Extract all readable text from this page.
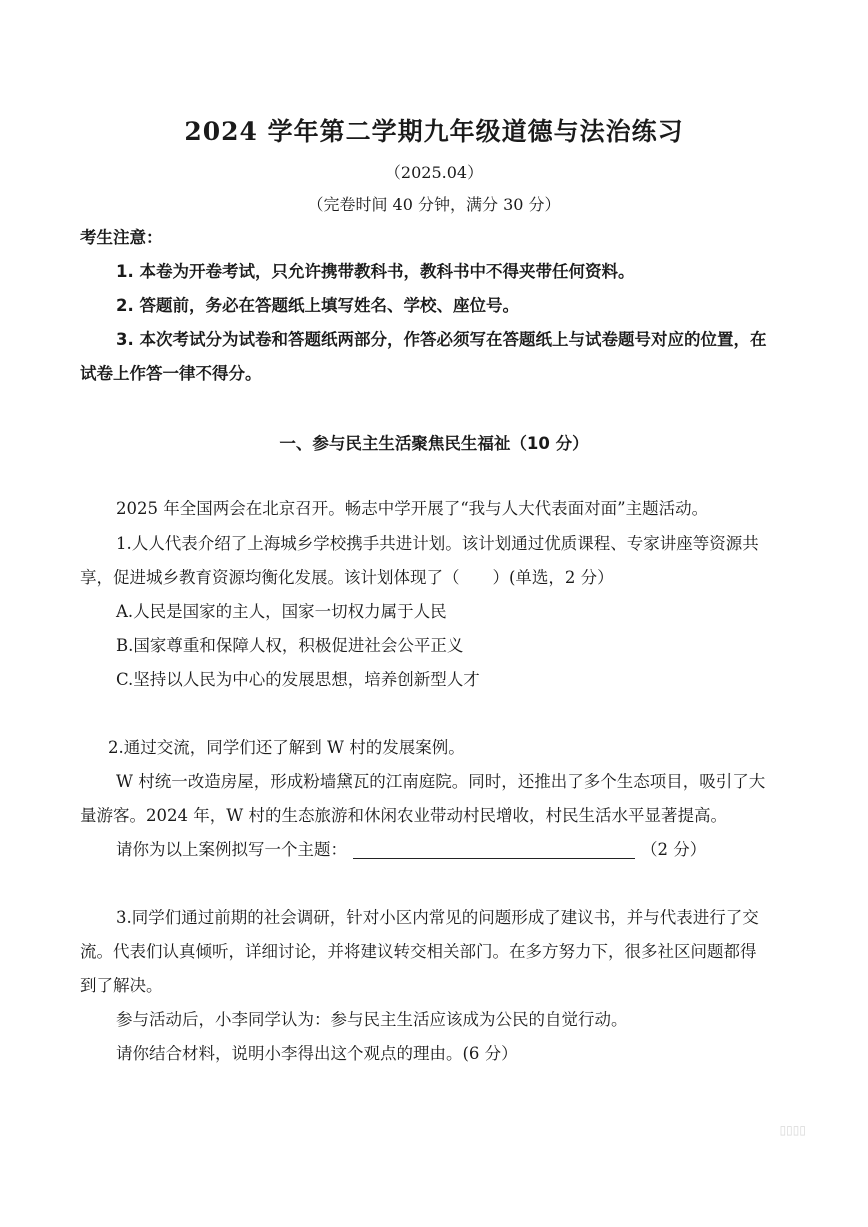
2024 学年第二学期九年级道德与法治练习
（2025.04）
（完卷时间 40 分钟，满分 30 分）
考生注意：
1. 本卷为开卷考试，只允许携带教科书，教科书中不得夹带任何资料。
2. 答题前，务必在答题纸上填写姓名、学校、座位号。
3. 本次考试分为试卷和答题纸两部分，作答必须写在答题纸上与试卷题号对应的位置，在
试卷上作答一律不得分。
一、参与民主生活聚焦民生福祉（10 分）
2025 年全国两会在北京召开。畅志中学开展了“我与人大代表面对面”主题活动。
1.人人代表介绍了上海城乡学校携手共进计划。该计划通过优质课程、专家讲座等资源共
享，促进城乡教育资源均衡化发展。该计划体现了（　　）(单选，2 分）
A.人民是国家的主人，国家一切权力属于人民
B.国家尊重和保障人权，积极促进社会公平正义
C.坚持以人民为中心的发展思想，培养创新型人才
2.通过交流，同学们还了解到 W 村的发展案例。
W 村统一改造房屋，形成粉墙黛瓦的江南庭院。同时，还推出了多个生态项目，吸引了大
量游客。2024 年，W 村的生态旅游和休闲农业带动村民增收，村民生活水平显著提高。
请你为以上案例拟写一个主题：	（2 分）
3.同学们通过前期的社会调研，针对小区内常见的问题形成了建议书，并与代表进行了交
流。代表们认真倾听，详细讨论，并将建议转交相关部门。在多方努力下，很多社区问题都得
到了解决。
参与活动后，小李同学认为：参与民主生活应该成为公民的自觉行动。
请你结合材料，说明小李得出这个观点的理由。(6 分）
▯▯▯▯
